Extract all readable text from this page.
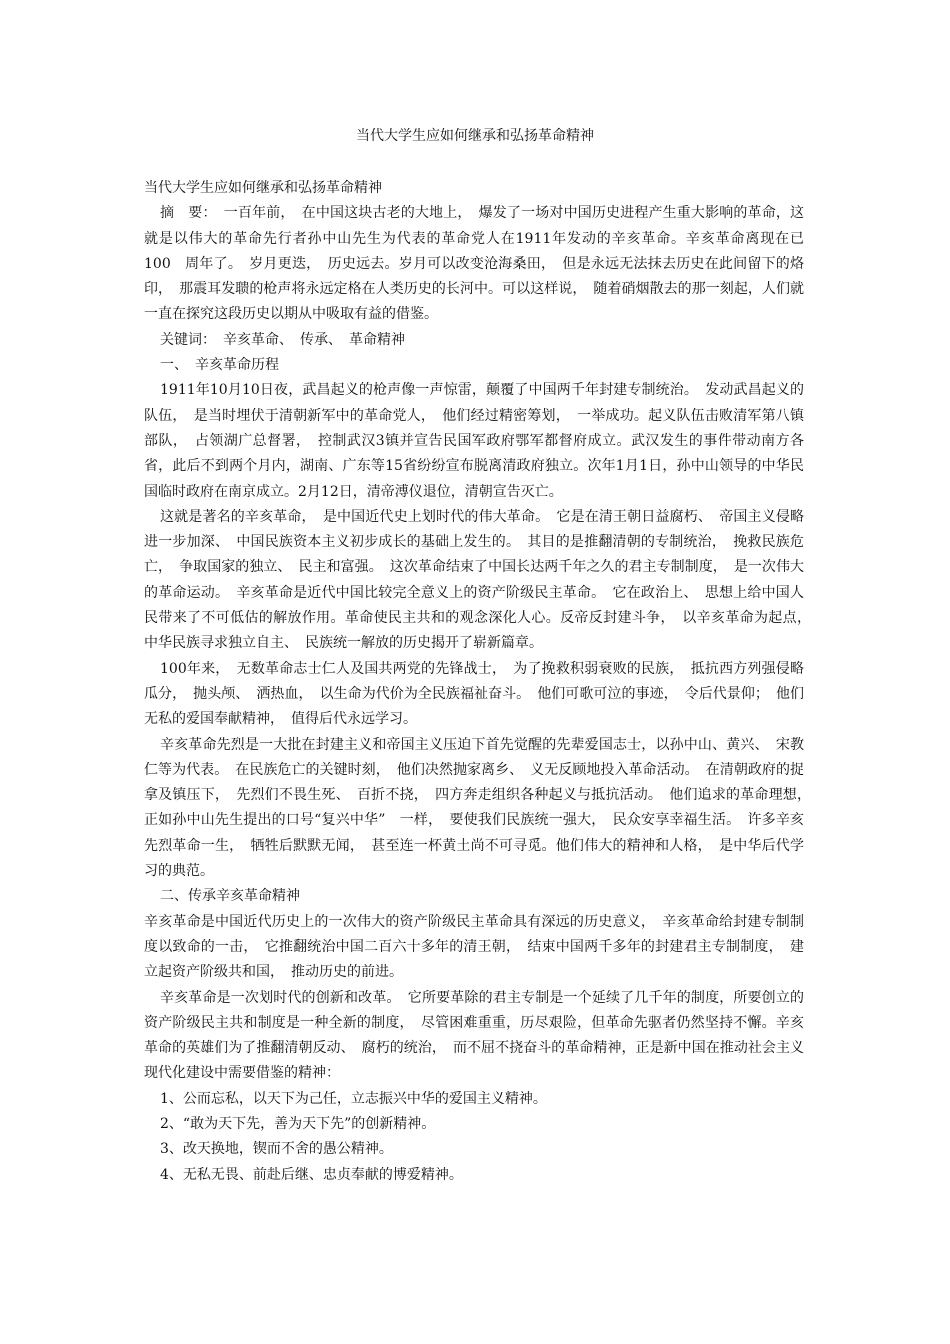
当代大学生应如何继承和弘扬革命精神

当代大学生应如何继承和弘扬革命精神

摘　要：　一百年前，　在中国这块古老的大地上，　爆发了一场对中国历史进程产生重大影响的革命，这就是以伟大的革命先行者孙中山先生为代表的革命党人在1911年发动的辛亥革命。辛亥革命离现在已　100　周年了。　岁月更迭，　历史远去。岁月可以改变沧海桑田，　但是永远无法抹去历史在此间留下的烙印，　那震耳发聩的枪声将永远定格在人类历史的长河中。可以这样说，　随着硝烟散去的那一刻起，人们就一直在探究这段历史以期从中吸取有益的借鉴。

关键词：　辛亥革命、　传承、　革命精神

一、　辛亥革命历程

1911年10月10日夜，武昌起义的枪声像一声惊雷，颠覆了中国两千年封建专制统治。　发动武昌起义的队伍，　是当时埋伏于清朝新军中的革命党人，　他们经过精密筹划，　一举成功。起义队伍击败清军第八镇部队，　占领湖广总督署，　控制武汉3镇并宣告民国军政府鄂军都督府成立。武汉发生的事件带动南方各省，此后不到两个月内，湖南、广东等15省纷纷宣布脱离清政府独立。次年1月1日，孙中山领导的中华民国临时政府在南京成立。2月12日，清帝溥仪退位，清朝宣告灭亡。

这就是著名的辛亥革命，　是中国近代史上划时代的伟大革命。　它是在清王朝日益腐朽、　帝国主义侵略进一步加深、　中国民族资本主义初步成长的基础上发生的。　其目的是推翻清朝的专制统治，　挽救民族危亡，　争取国家的独立、　民主和富强。　这次革命结束了中国长达两千年之久的君主专制制度，　是一次伟大的革命运动。　辛亥革命是近代中国比较完全意义上的资产阶级民主革命。　它在政治上、　思想上给中国人民带来了不可低估的解放作用。革命使民主共和的观念深化人心。反帝反封建斗争，　以辛亥革命为起点，　中华民族寻求独立自主、　民族统一解放的历史揭开了崭新篇章。

100年来，　无数革命志士仁人及国共两党的先锋战士，　为了挽救积弱衰败的民族，　抵抗西方列强侵略瓜分，　抛头颅、　洒热血，　以生命为代价为全民族福祉奋斗。　他们可歌可泣的事迹，　令后代景仰；　他们无私的爱国奉献精神，　值得后代永远学习。

辛亥革命先烈是一大批在封建主义和帝国主义压迫下首先觉醒的先辈爱国志士，以孙中山、黄兴、　宋教仁等为代表。　在民族危亡的关键时刻，　他们决然抛家离乡、　义无反顾地投入革命活动。　在清朝政府的捉拿及镇压下，　先烈们不畏生死、　百折不挠，　四方奔走组织各种起义与抵抗活动。　他们追求的革命理想，　正如孙中山先生提出的口号“复兴中华”　一样，　要使我们民族统一强大，　民众安享幸福生活。　许多辛亥先烈革命一生，　牺牲后默默无闻，　甚至连一杯黄土尚不可寻觅。他们伟大的精神和人格，　是中华后代学习的典范。

二、传承辛亥革命精神

辛亥革命是中国近代历史上的一次伟大的资产阶级民主革命具有深远的历史意义，　辛亥革命给封建专制制度以致命的一击，　它推翻统治中国二百六十多年的清王朝，　结束中国两千多年的封建君主专制制度，　建立起资产阶级共和国，　推动历史的前进。

辛亥革命是一次划时代的创新和改革。　它所要革除的君主专制是一个延续了几千年的制度，所要创立的资产阶级民主共和制度是一种全新的制度，　尽管困难重重，历尽艰险，但革命先驱者仍然坚持不懈。辛亥革命的英雄们为了推翻清朝反动、　腐朽的统治，　而不屈不挠奋斗的革命精神，正是新中国在推动社会主义现代化建设中需要借鉴的精神：

1、公而忘私，以天下为己任，立志振兴中华的爱国主义精神。

2、“敢为天下先，善为天下先”的创新精神。

3、改天换地，锲而不舍的愚公精神。

4、无私无畏、前赴后继、忠贞奉献的博爱精神。
